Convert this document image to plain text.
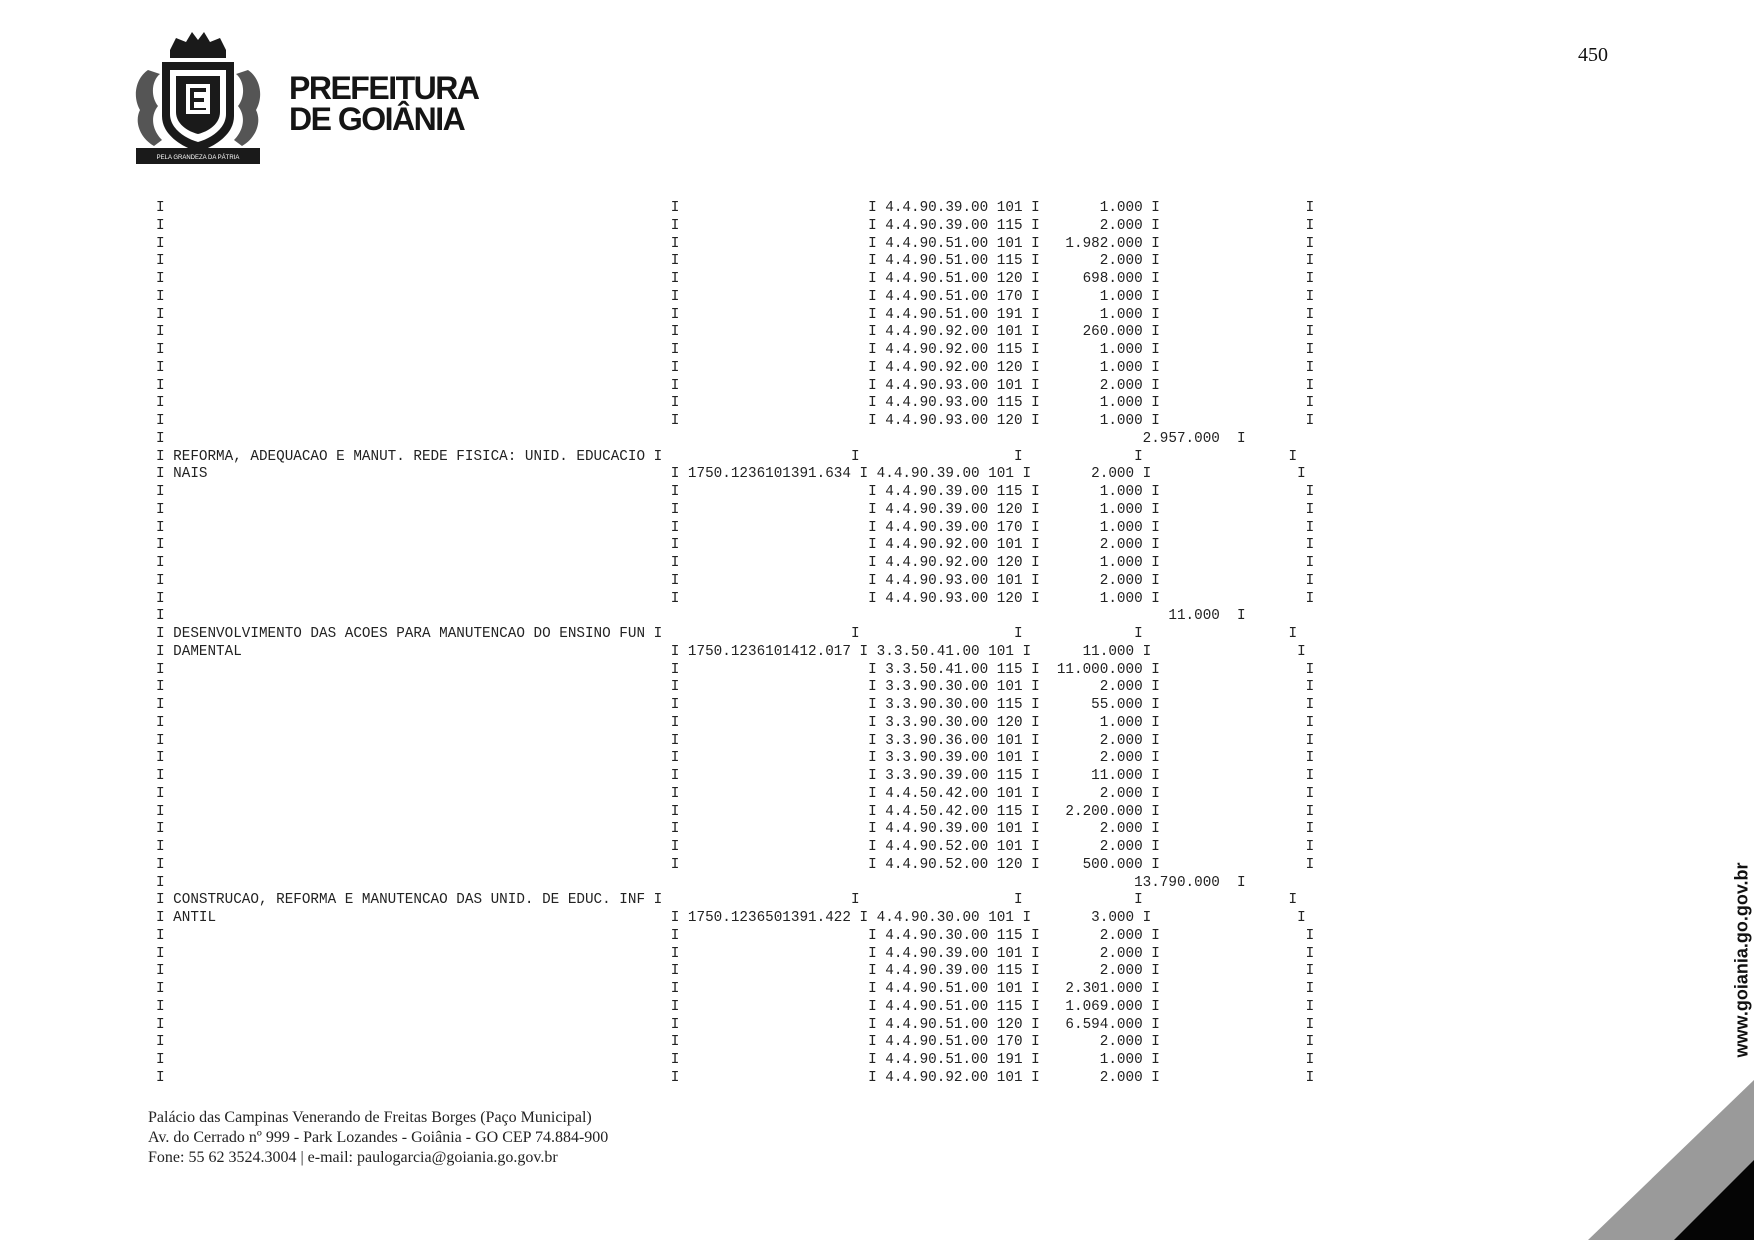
450
PELA GRANDEZA DA PÁTRIA
PREFEITURA
DE GOIÂNIA
I                                                           I                      I 4.4.90.39.00 101 I       1.000 I                 I
I                                                           I                      I 4.4.90.39.00 115 I       2.000 I                 I
I                                                           I                      I 4.4.90.51.00 101 I   1.982.000 I                 I
I                                                           I                      I 4.4.90.51.00 115 I       2.000 I                 I
I                                                           I                      I 4.4.90.51.00 120 I     698.000 I                 I
I                                                           I                      I 4.4.90.51.00 170 I       1.000 I                 I
I                                                           I                      I 4.4.90.51.00 191 I       1.000 I                 I
I                                                           I                      I 4.4.90.92.00 101 I     260.000 I                 I
I                                                           I                      I 4.4.90.92.00 115 I       1.000 I                 I
I                                                           I                      I 4.4.90.92.00 120 I       1.000 I                 I
I                                                           I                      I 4.4.90.93.00 101 I       2.000 I                 I
I                                                           I                      I 4.4.90.93.00 115 I       1.000 I                 I
I                                                           I                      I 4.4.90.93.00 120 I       1.000 I                 I
I                                                                                                                  2.957.000  I
I REFORMA, ADEQUACAO E MANUT. REDE FISICA: UNID. EDUCACIO I                      I                  I             I                 I
I NAIS                                                      I 1750.1236101391.634 I 4.4.90.39.00 101 I       2.000 I                 I
I                                                           I                      I 4.4.90.39.00 115 I       1.000 I                 I
I                                                           I                      I 4.4.90.39.00 120 I       1.000 I                 I
I                                                           I                      I 4.4.90.39.00 170 I       1.000 I                 I
I                                                           I                      I 4.4.90.92.00 101 I       2.000 I                 I
I                                                           I                      I 4.4.90.92.00 120 I       1.000 I                 I
I                                                           I                      I 4.4.90.93.00 101 I       2.000 I                 I
I                                                           I                      I 4.4.90.93.00 120 I       1.000 I                 I
I                                                                                                                     11.000  I
I DESENVOLVIMENTO DAS ACOES PARA MANUTENCAO DO ENSINO FUN I                      I                  I             I                 I
I DAMENTAL                                                  I 1750.1236101412.017 I 3.3.50.41.00 101 I      11.000 I                 I
I                                                           I                      I 3.3.50.41.00 115 I  11.000.000 I                 I
I                                                           I                      I 3.3.90.30.00 101 I       2.000 I                 I
I                                                           I                      I 3.3.90.30.00 115 I      55.000 I                 I
I                                                           I                      I 3.3.90.30.00 120 I       1.000 I                 I
I                                                           I                      I 3.3.90.36.00 101 I       2.000 I                 I
I                                                           I                      I 3.3.90.39.00 101 I       2.000 I                 I
I                                                           I                      I 3.3.90.39.00 115 I      11.000 I                 I
I                                                           I                      I 4.4.50.42.00 101 I       2.000 I                 I
I                                                           I                      I 4.4.50.42.00 115 I   2.200.000 I                 I
I                                                           I                      I 4.4.90.39.00 101 I       2.000 I                 I
I                                                           I                      I 4.4.90.52.00 101 I       2.000 I                 I
I                                                           I                      I 4.4.90.52.00 120 I     500.000 I                 I
I                                                                                                                 13.790.000  I
I CONSTRUCAO, REFORMA E MANUTENCAO DAS UNID. DE EDUC. INF I                      I                  I             I                 I
I ANTIL                                                     I 1750.1236501391.422 I 4.4.90.30.00 101 I       3.000 I                 I
I                                                           I                      I 4.4.90.30.00 115 I       2.000 I                 I
I                                                           I                      I 4.4.90.39.00 101 I       2.000 I                 I
I                                                           I                      I 4.4.90.39.00 115 I       2.000 I                 I
I                                                           I                      I 4.4.90.51.00 101 I   2.301.000 I                 I
I                                                           I                      I 4.4.90.51.00 115 I   1.069.000 I                 I
I                                                           I                      I 4.4.90.51.00 120 I   6.594.000 I                 I
I                                                           I                      I 4.4.90.51.00 170 I       2.000 I                 I
I                                                           I                      I 4.4.90.51.00 191 I       1.000 I                 I
I                                                           I                      I 4.4.90.92.00 101 I       2.000 I                 I

Palácio das Campinas Venerando de Freitas Borges (Paço Municipal)
Av. do Cerrado nº 999 - Park Lozandes - Goiânia - GO CEP 74.884-900
Fone: 55 62 3524.3004 | e-mail: paulogarcia@goiania.go.gov.br
www.goiania.go.gov.br
